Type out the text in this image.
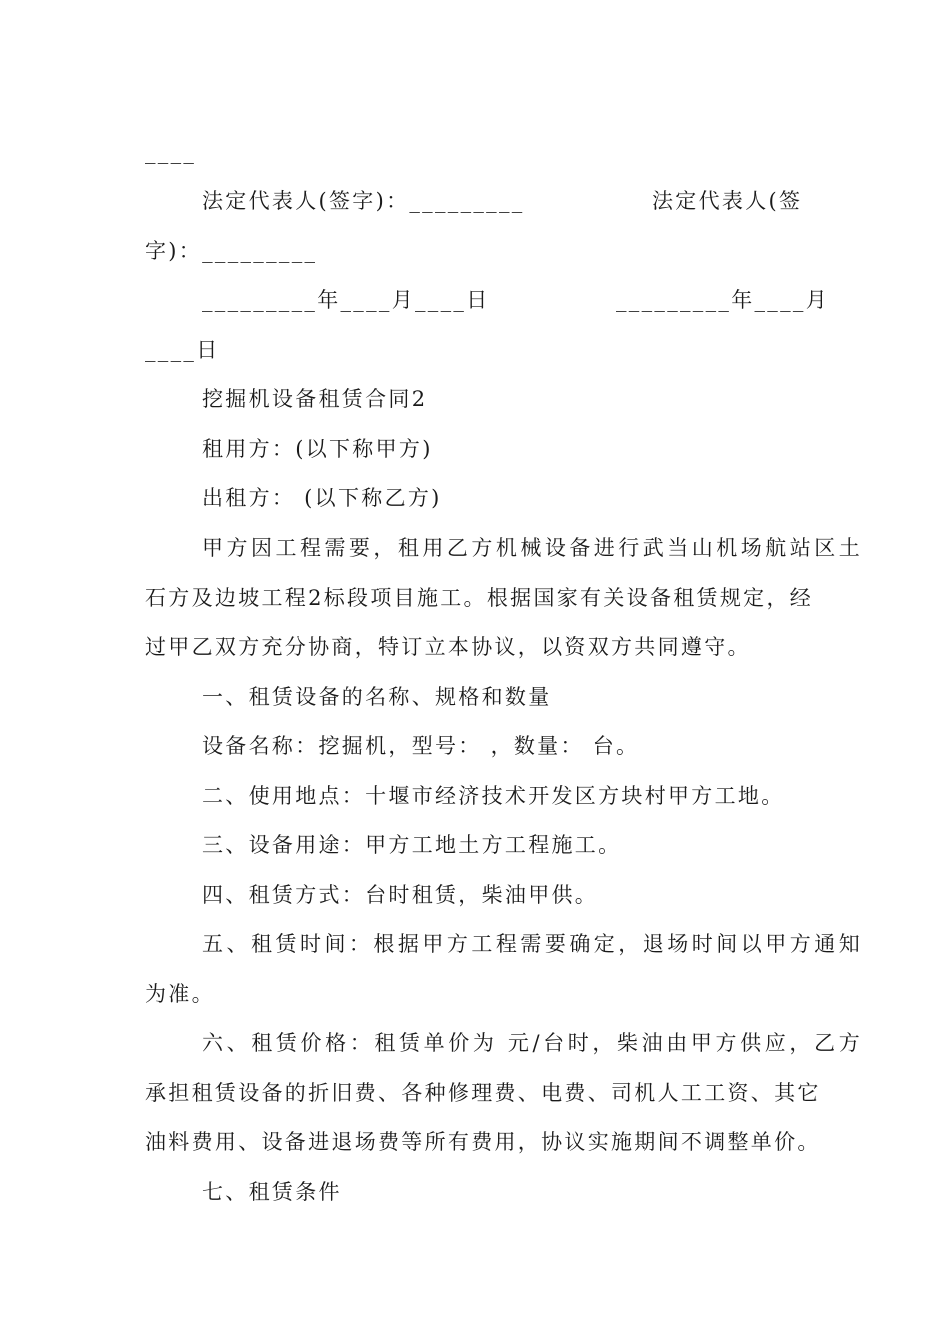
____
法定代表人(签字)：_________	法定代表人(签
字)：_________
_________年____月____日	_________年____月
____日
挖掘机设备租赁合同2
租用方：(以下称甲方)
出租方： (以下称乙方)
甲方因工程需要，租用乙方机械设备进行武当山机场航站区土
石方及边坡工程2标段项目施工。根据国家有关设备租赁规定，经
过甲乙双方充分协商，特订立本协议，以资双方共同遵守。
一、租赁设备的名称、规格和数量
设备名称：挖掘机，型号： ，数量： 台。
二、使用地点：十堰市经济技术开发区方块村甲方工地。
三、设备用途：甲方工地土方工程施工。
四、租赁方式：台时租赁，柴油甲供。
五、租赁时间：根据甲方工程需要确定，退场时间以甲方通知
为准。
六、租赁价格：租赁单价为 元/台时，柴油由甲方供应，乙方
承担租赁设备的折旧费、各种修理费、电费、司机人工工资、其它
油料费用、设备进退场费等所有费用，协议实施期间不调整单价。
七、租赁条件
